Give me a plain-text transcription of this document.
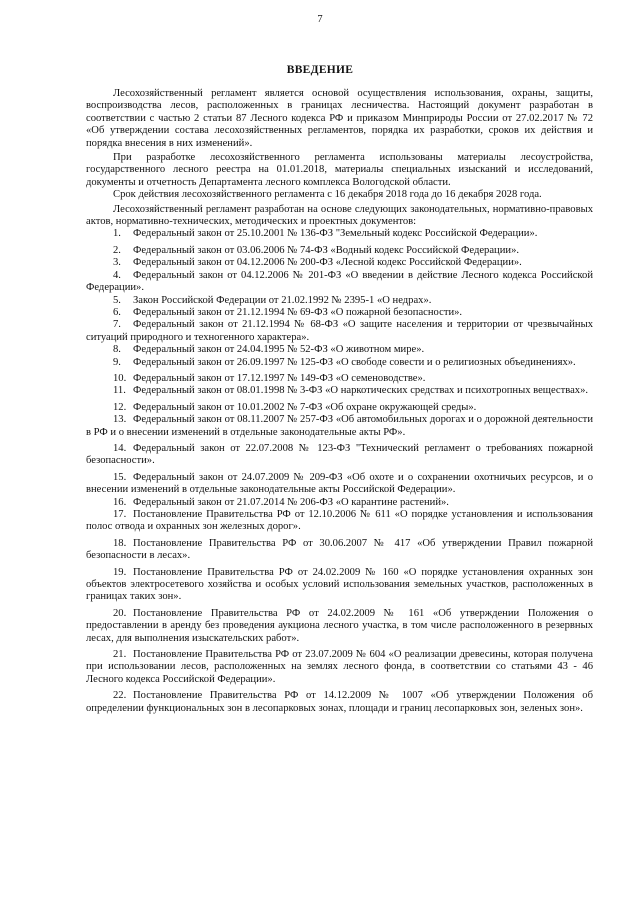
7
ВВЕДЕНИЕ

Лесохозяйственный регламент является основой осуществления использования, охраны, защиты, воспроизводства лесов, расположенных в границах лесничества. Настоящий документ разработан в соответствии с частью 2 статьи 87 Лесного кодекса РФ и приказом Минприроды России от 27.02.2017 № 72 «Об утверждении состава лесохозяйственных регламентов, порядка их разработки, сроков их действия и порядка внесения в них изменений».

При разработке лесохозяйственного регламента использованы материалы лесоустройства, государственного лесного реестра на 01.01.2018, материалы специальных изысканий и исследований, документы и отчетность Департамента лесного комплекса Вологодской области.

Срок действия лесохозяйственного регламента с 16 декабря 2018 года до 16 декабря 2028 года.

Лесохозяйственный регламент разработан на основе следующих законодательных, нормативно-правовых актов, нормативно-технических, методических и проектных документов:

1. Федеральный закон от 25.10.2001 № 136-ФЗ "Земельный кодекс Российской Федерации».
2. Федеральный закон от 03.06.2006 № 74-ФЗ «Водный кодекс Российской Федерации».
3. Федеральный закон от 04.12.2006 № 200-ФЗ «Лесной кодекс Российской Федерации».
4. Федеральный закон от 04.12.2006 № 201-ФЗ «О введении в действие Лесного кодекса Российской Федерации».
5. Закон Российской Федерации от 21.02.1992 № 2395-1 «О недрах».
6. Федеральный закон от 21.12.1994 № 69-ФЗ «О пожарной безопасности».
7. Федеральный закон от 21.12.1994 № 68-ФЗ «О защите населения и территории от чрезвычайных ситуаций природного и техногенного характера».
8. Федеральный закон от 24.04.1995 № 52-ФЗ «О животном мире».
9. Федеральный закон от 26.09.1997 № 125-ФЗ «О свободе совести и о религиозных объединениях».
10. Федеральный закон от 17.12.1997 № 149-ФЗ «О семеноводстве».
11. Федеральный закон от 08.01.1998 № 3-ФЗ «О наркотических средствах и психотропных веществах».
12. Федеральный закон от 10.01.2002 № 7-ФЗ «Об охране окружающей среды».
13. Федеральный закон от 08.11.2007 № 257-ФЗ «Об автомобильных дорогах и о дорожной деятельности в РФ и о внесении изменений в отдельные законодательные акты РФ».
14. Федеральный закон от 22.07.2008 № 123-ФЗ "Технический регламент о требованиях пожарной безопасности».
15. Федеральный закон от 24.07.2009 № 209-ФЗ «Об охоте и о сохранении охотничьих ресурсов, и о внесении изменений в отдельные законодательные акты Российской Федерации».
16. Федеральный закон от 21.07.2014 № 206-ФЗ «О карантине растений».
17. Постановление Правительства РФ от 12.10.2006 № 611 «О порядке установления и использования полос отвода и охранных зон железных дорог».
18. Постановление Правительства РФ от 30.06.2007 № 417 «Об утверждении Правил пожарной безопасности в лесах».
19. Постановление Правительства РФ от 24.02.2009 № 160 «О порядке установления охранных зон объектов электросетевого хозяйства и особых условий использования земельных участков, расположенных в границах таких зон».
20. Постановление Правительства РФ от 24.02.2009 № 161 «Об утверждении Положения о предоставлении в аренду без проведения аукциона лесного участка, в том числе расположенного в резервных лесах, для выполнения изыскательских работ».
21. Постановление Правительства РФ от 23.07.2009 № 604 «О реализации древесины, которая получена при использовании лесов, расположенных на землях лесного фонда, в соответствии со статьями 43 - 46 Лесного кодекса Российской Федерации».
22. Постановление Правительства РФ от 14.12.2009 № 1007 «Об утверждении Положения об определении функциональных зон в лесопарковых зонах, площади и границ лесопарковых зон, зеленых зон».
